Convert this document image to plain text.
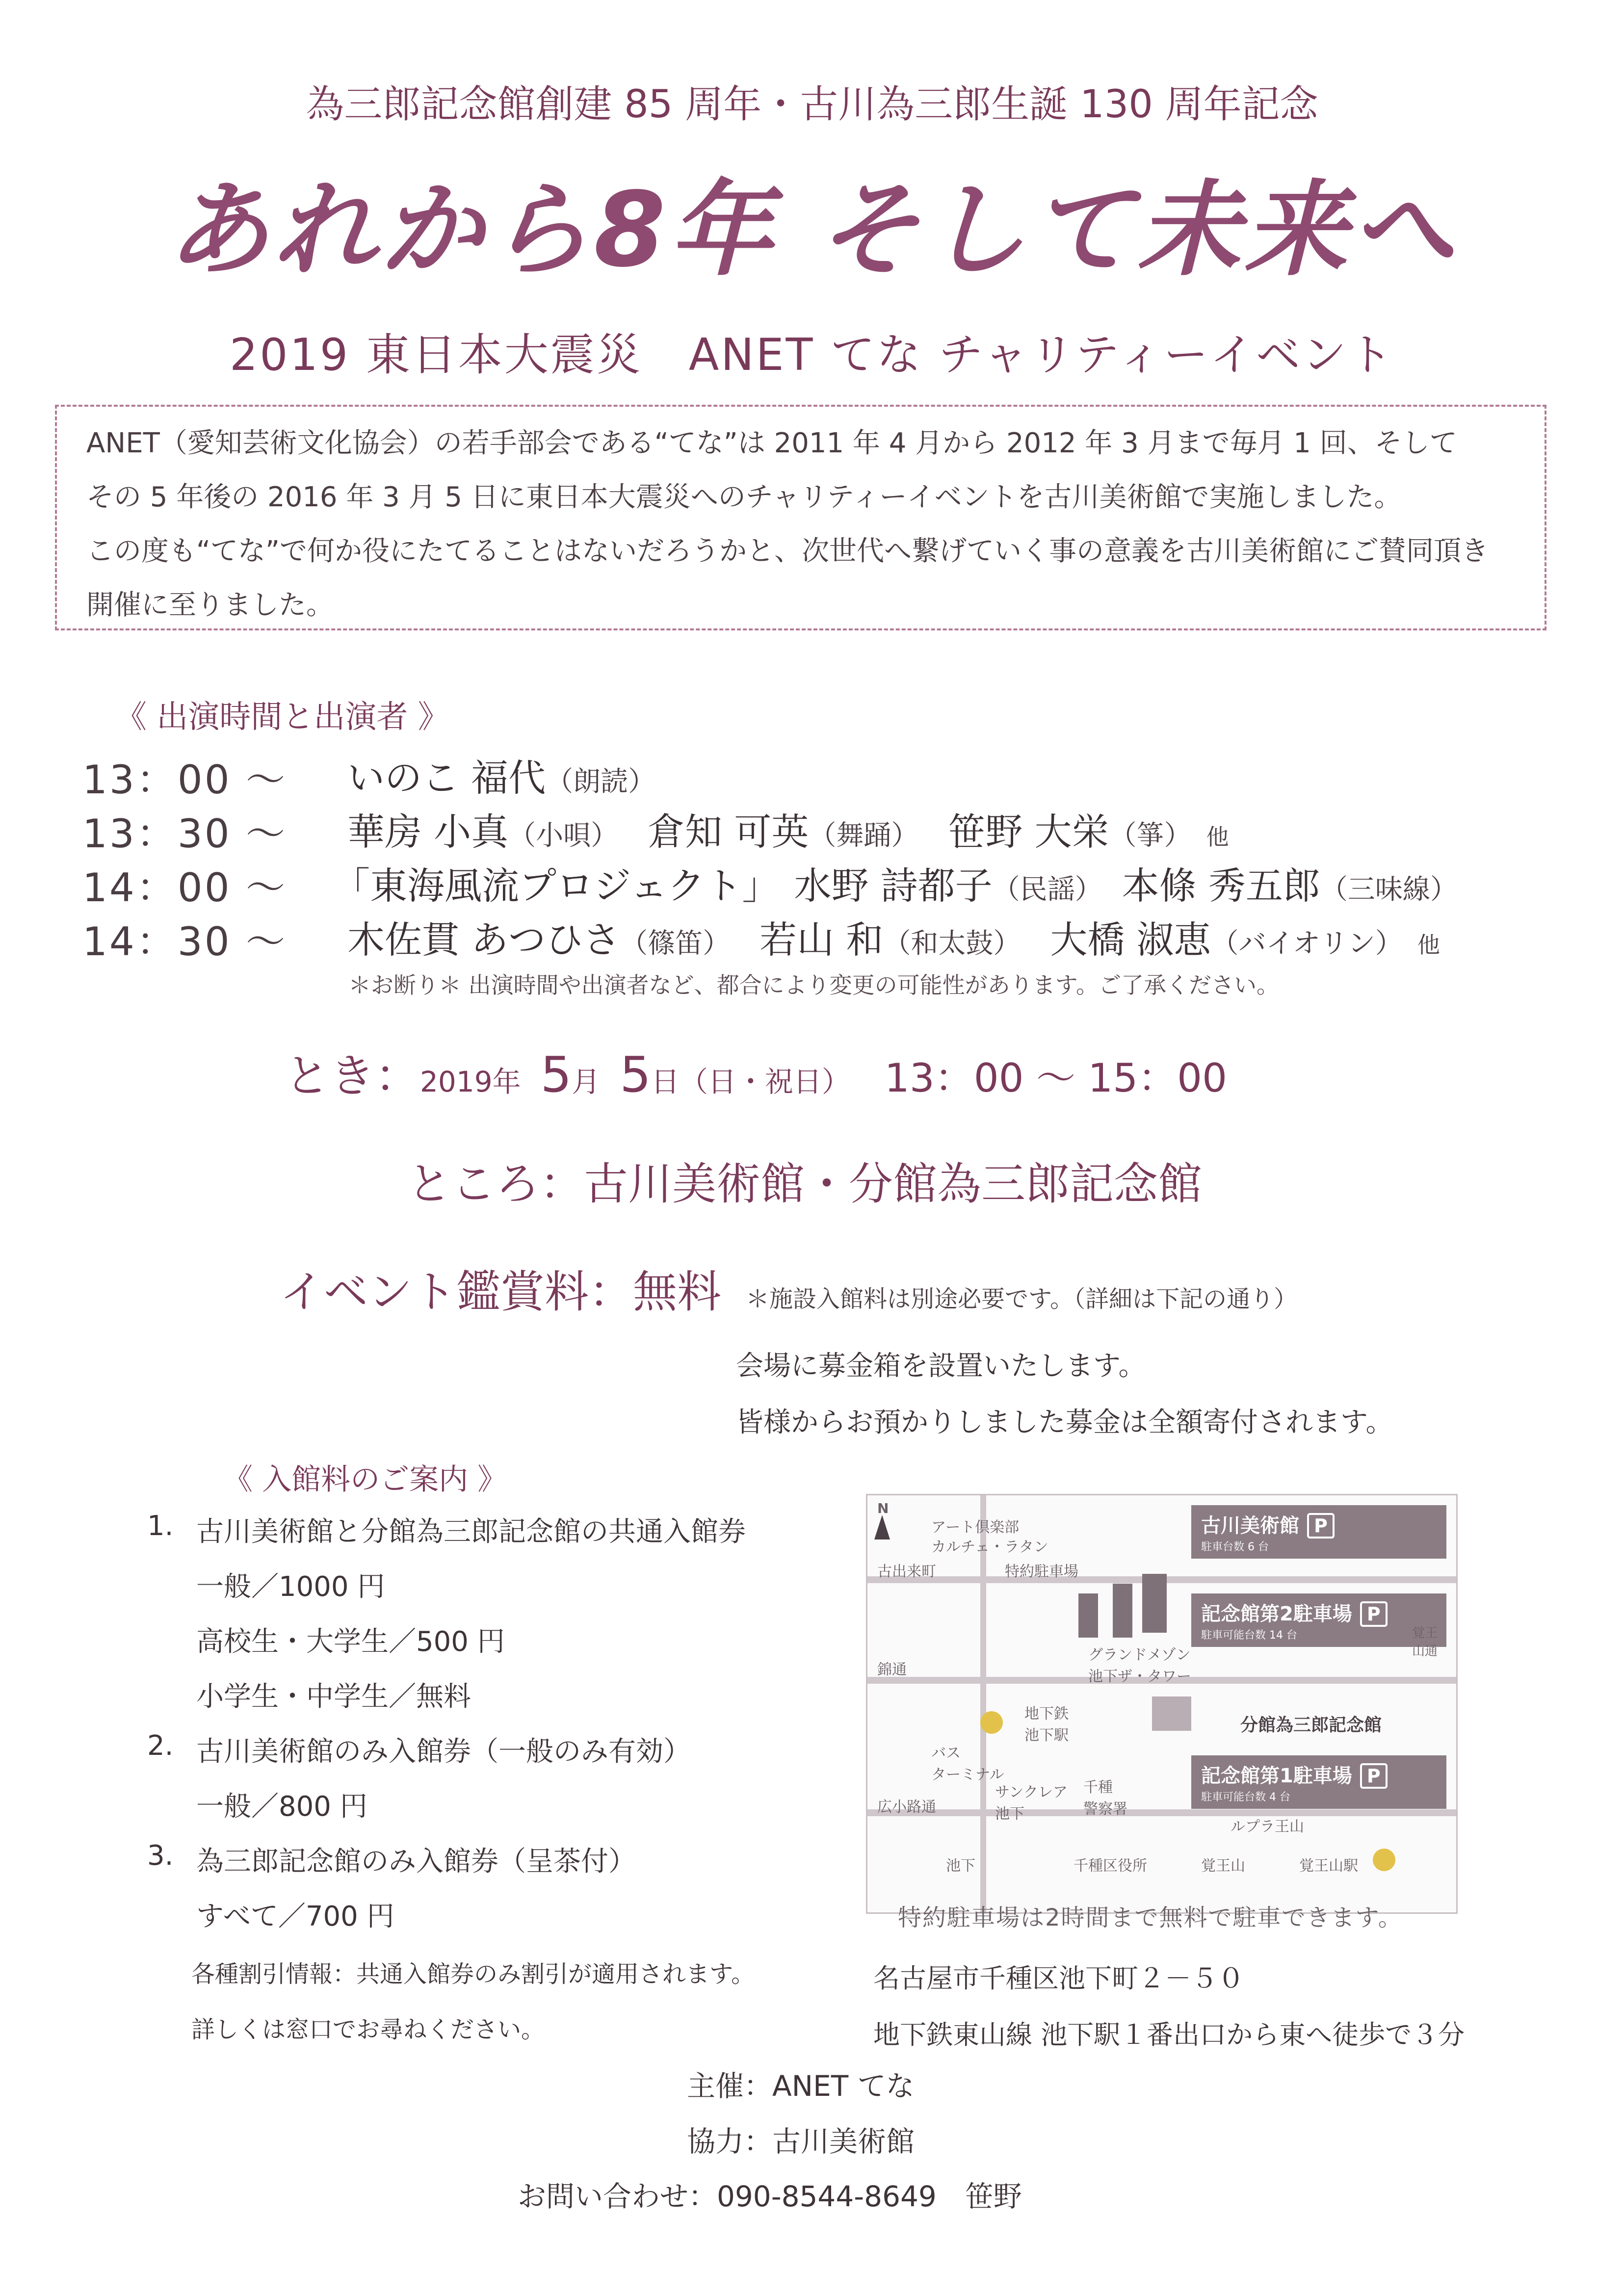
為三郎記念館創建 85 周年・古川為三郎生誕 130 周年記念
あれから8年 そして未来へ
2019 東日本大震災　ANET てな チャリティーイベント
ANET（愛知芸術文化協会）の若手部会である“てな”は 2011 年 4 月から 2012 年 3 月まで毎月 1 回、そして
その 5 年後の 2016 年 3 月 5 日に東日本大震災へのチャリティーイベントを古川美術館で実施しました。
この度も“てな”で何か役にたてることはないだろうかと、次世代へ繋げていく事の意義を古川美術館にご賛同頂き
開催に至りました。
《 出演時間と出演者 》
13：00 〜 いのこ 福代（朗読）
13：30 〜 華房 小真（小唄） 倉知 可英（舞踊） 笹野 大栄（箏） 他
14：00 〜 「東海風流プロジェクト」 水野 詩都子（民謡） 本條 秀五郎（三味線）
14：30 〜 木佐貫 あつひさ（篠笛） 若山 和（和太鼓） 大橋 淑恵（バイオリン） 他
＊お断り＊ 出演時間や出演者など、都合により変更の可能性があります。ご了承ください。
とき：2019年 5月 5日（日・祝日） 13：00 〜 15：00
ところ：古川美術館・分館為三郎記念館
イベント鑑賞料：無料 ＊施設入館料は別途必要です。（詳細は下記の通り）
会場に募金箱を設置いたします。
皆様からお預かりしました募金は全額寄付されます。
《 入館料のご案内 》
1. 古川美術館と分館為三郎記念館の共通入館券
一般／1000 円
高校生・大学生／500 円
小学生・中学生／無料
2. 古川美術館のみ入館券（一般のみ有効）
一般／800 円
3. 為三郎記念館のみ入館券（呈茶付）
すべて／700 円
各種割引情報：共通入館券のみ割引が適用されます。
詳しくは窓口でお尋ねください。
N
古川美術館 P
駐車台数 6 台
記念館第2駐車場 P
駐車可能台数 14 台
分館為三郎記念館
記念館第1駐車場 P
駐車可能台数 4 台
アート倶楽部
カルチェ・ラタン
特約駐車場
古出来町
錦通
地下鉄
池下駅
バス
ターミナル
グランドメゾン
池下ザ・タワー
サンクレア
池下
千種
警察署
ルプラ王山
広小路通
覚王山通
池下	千種区役所	覚王山	覚王山駅
特約駐車場は2時間まで無料で駐車できます。
名古屋市千種区池下町２－５０
地下鉄東山線 池下駅１番出口から東へ徒歩で３分
主催：ANET てな
協力：古川美術館
お問い合わせ：090-8544-8649　笹野
